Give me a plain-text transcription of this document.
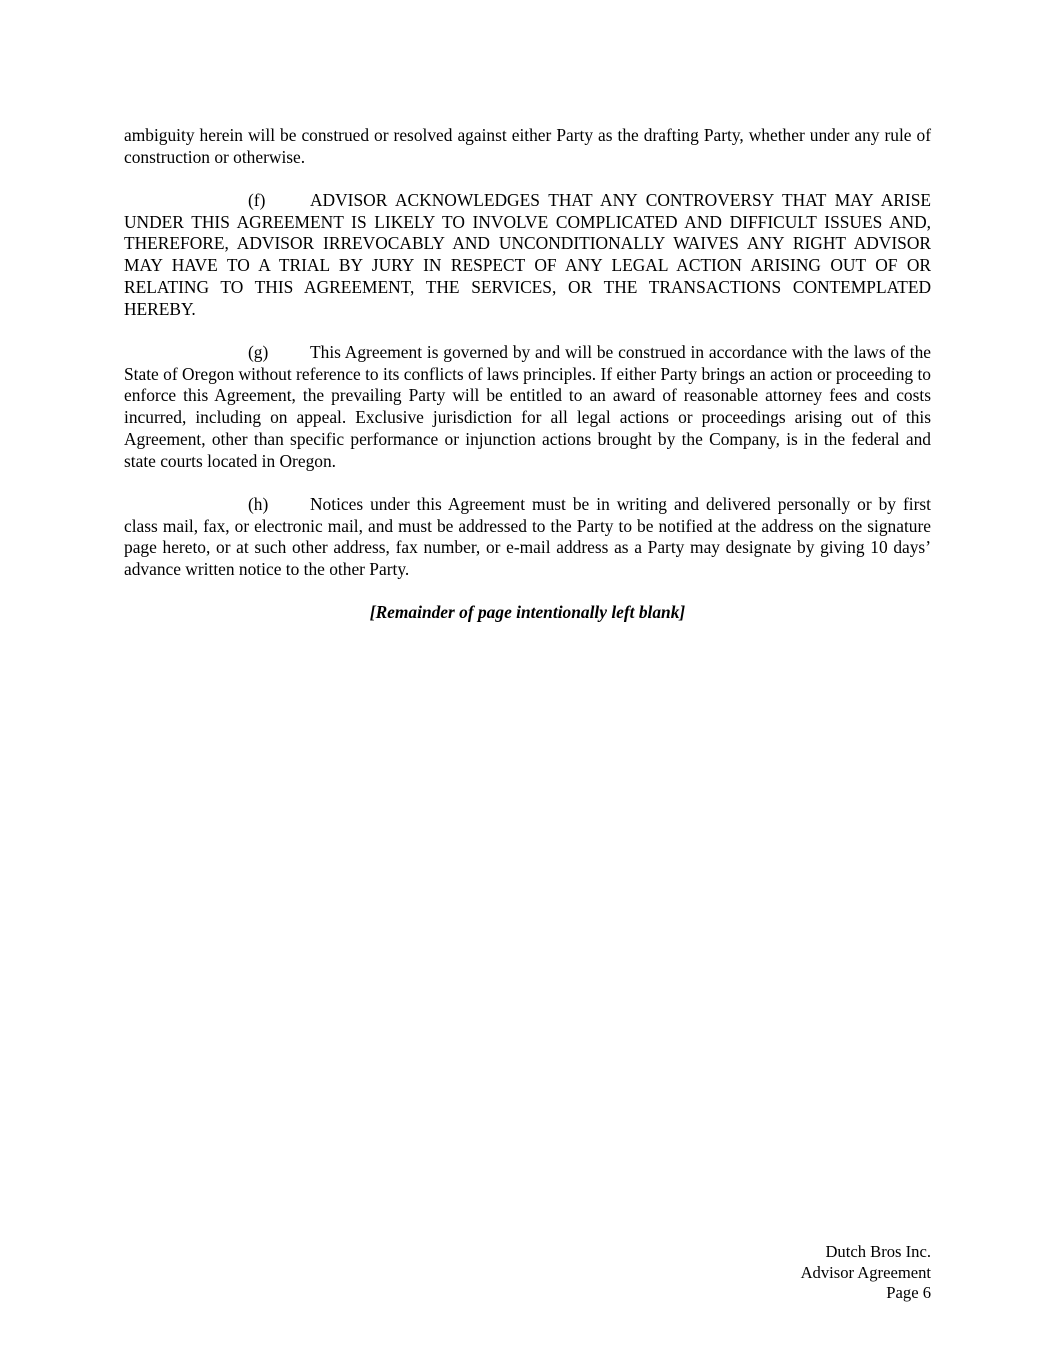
ambiguity herein will be construed or resolved against either Party as the drafting Party, whether under any rule of construction or otherwise.

(f)	ADVISOR ACKNOWLEDGES THAT ANY CONTROVERSY THAT MAY ARISE UNDER THIS AGREEMENT IS LIKELY TO INVOLVE COMPLICATED AND DIFFICULT ISSUES AND, THEREFORE, ADVISOR IRREVOCABLY AND UNCONDITIONALLY WAIVES ANY RIGHT ADVISOR MAY HAVE TO A TRIAL BY JURY IN RESPECT OF ANY LEGAL ACTION ARISING OUT OF OR RELATING TO THIS AGREEMENT, THE SERVICES, OR THE TRANSACTIONS CONTEMPLATED HEREBY.

(g) This Agreement is governed by and will be construed in accordance with the laws of the State of Oregon without reference to its conflicts of laws principles. If either Party brings an action or proceeding to enforce this Agreement, the prevailing Party will be entitled to an award of reasonable attorney fees and costs incurred, including on appeal. Exclusive jurisdiction for all legal actions or proceedings arising out of this Agreement, other than specific performance or injunction actions brought by the Company, is in the federal and state courts located in Oregon.

(h) Notices under this Agreement must be in writing and delivered personally or by first class mail, fax, or electronic mail, and must be addressed to the Party to be notified at the address on the signature page hereto, or at such other address, fax number, or e-mail address as a Party may designate by giving 10 days’ advance written notice to the other Party.

[Remainder of page intentionally left blank]

Dutch Bros Inc.
Advisor Agreement
Page 6
